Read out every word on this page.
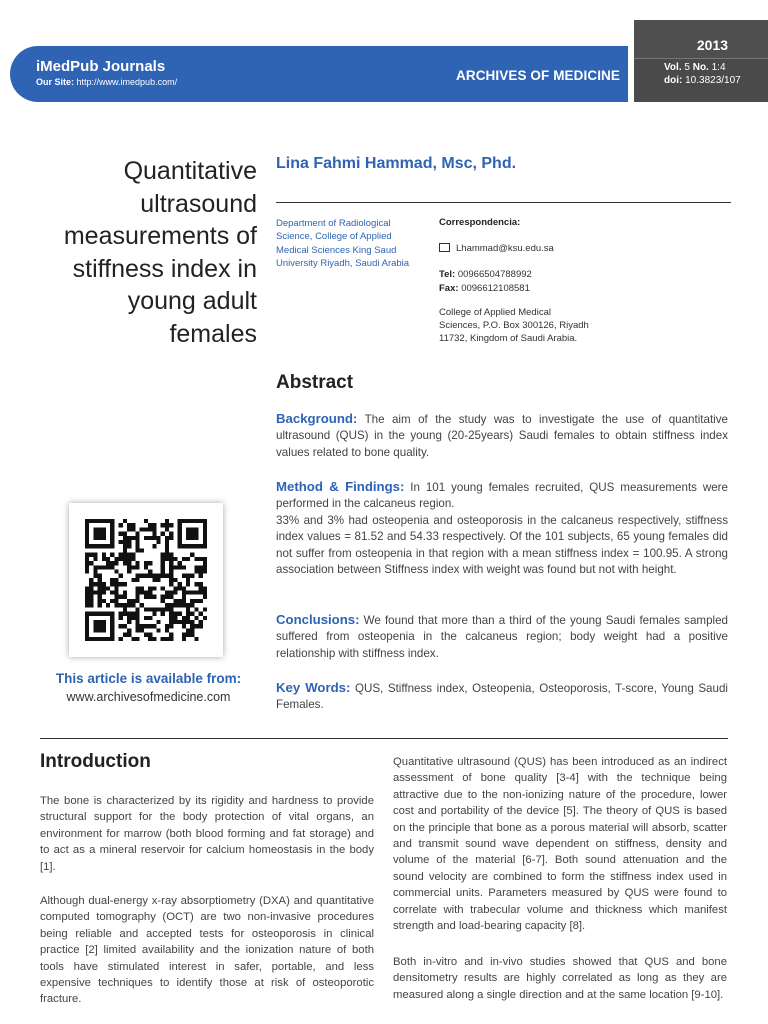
iMedPub Journals
Our Site: http://www.imedpub.com/	ARCHIVES OF MEDICINE
2013
Vol. 5 No. 1:4
doi: 10.3823/107
Quantitative ultrasound measurements of stiffness index in young adult females
Lina Fahmi Hammad, Msc, Phd.
Department of Radiological Science, College of Applied Medical Sciences King Saud University Riyadh, Saudi Arabia
Correspondencia:
Lhammad@ksu.edu.sa
Tel: 00966504788992
Fax: 0096612108581
College of Applied Medical Sciences, P.O. Box 300126, Riyadh 11732, Kingdom of Saudi Arabia.
Abstract
Background: The aim of the study was to investigate the use of quantitative ultrasound (QUS) in the young (20-25years) Saudi females to obtain stiffness index values related to bone quality.
Method & Findings: In 101 young females recruited, QUS measurements were performed in the calcaneus region.
33% and 3% had osteopenia and osteoporosis in the calcaneus respectively, stiffness index values = 81.52 and 54.33 respectively. Of the 101 subjects, 65 young females did not suffer from osteopenia in that region with a mean stiffness index = 100.95. A strong association between Stiffness index with weight was found but not with height.
Conclusions: We found that more than a third of the young Saudi females sampled suffered from osteopenia in the calcaneus region; body weight had a positive relationship with stiffness index.
Key Words: QUS, Stiffness index, Osteopenia, Osteoporosis, T-score, Young Saudi Females.
This article is available from:
www.archivesofmedicine.com
Introduction
The bone is characterized by its rigidity and hardness to provide structural support for the body protection of vital organs, an environment for marrow (both blood forming and fat storage) and to act as a mineral reservoir for calcium homeostasis in the body [1].
Although dual-energy x-ray absorptiometry (DXA) and quantitative computed tomography (OCT) are two non-invasive procedures being reliable and accepted tests for osteoporosis in clinical practice [2] limited availability and the ionization nature of both tools have stimulated interest in safer, portable, and less expensive techniques to identify those at risk of osteoporotic fracture.
Quantitative ultrasound (QUS) has been introduced as an indirect assessment of bone quality [3-4] with the technique being attractive due to the non-ionizing nature of the procedure, lower cost and portability of the device [5]. The theory of QUS is based on the principle that bone as a porous material will absorb, scatter and transmit sound wave dependent on stiffness, density and volume of the material [6-7]. Both sound attenuation and the sound velocity are combined to form the stiffness index used in commercial units. Parameters measured by QUS were found to correlate with trabecular volume and thickness which manifest strength and load-bearing capacity [8].
Both in-vitro and in-vivo studies showed that QUS and bone densitometry results are highly correlated as long as they are measured along a single direction and at the same location [9-10].
